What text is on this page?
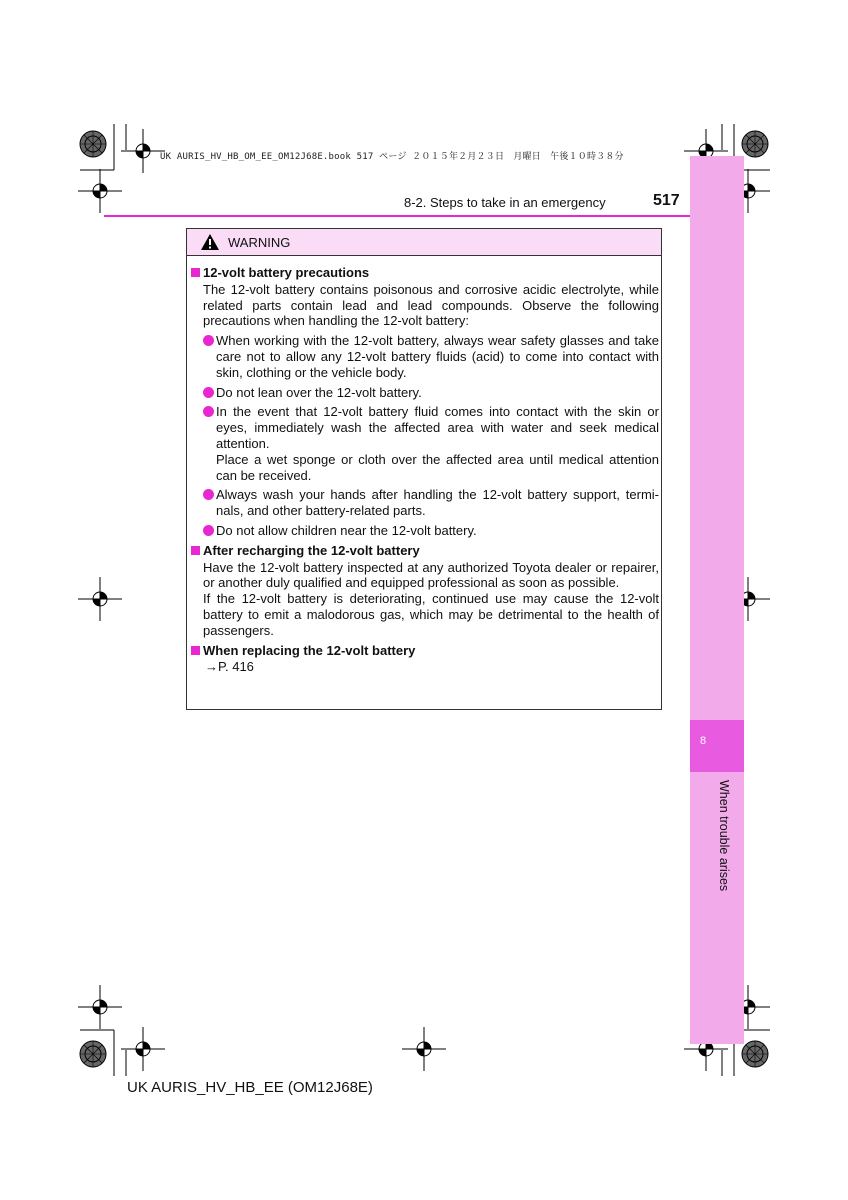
UK AURIS_HV_HB_OM_EE_OM12J68E.book 517 ページ ２０１５年２月２３日　月曜日　午後１０時３８分
8
When trouble arises
8-2. Steps to take in an emergency	517
WARNING
12-volt battery precautions
The 12-volt battery contains poisonous and corrosive acidic electrolyte, while related parts contain lead and lead compounds. Observe the following precautions when handling the 12-volt battery:
When working with the 12-volt battery, always wear safety glasses and take care not to allow any 12-volt battery fluids (acid) to come into contact with skin, clothing or the vehicle body.
Do not lean over the 12-volt battery.
In the event that 12-volt battery fluid comes into contact with the skin or eyes, immediately wash the affected area with water and seek medical attention.
Place a wet sponge or cloth over the affected area until medical attention can be received.
Always wash your hands after handling the 12-volt battery support, termi-nals, and other battery-related parts.
Do not allow children near the 12-volt battery.
After recharging the 12-volt battery
Have the 12-volt battery inspected at any authorized Toyota dealer or repairer, or another duly qualified and equipped professional as soon as possible.
If the 12-volt battery is deteriorating, continued use may cause the 12-volt battery to emit a malodorous gas, which may be detrimental to the health of passengers.
When replacing the 12-volt battery
→P. 416
UK AURIS_HV_HB_EE (OM12J68E)
